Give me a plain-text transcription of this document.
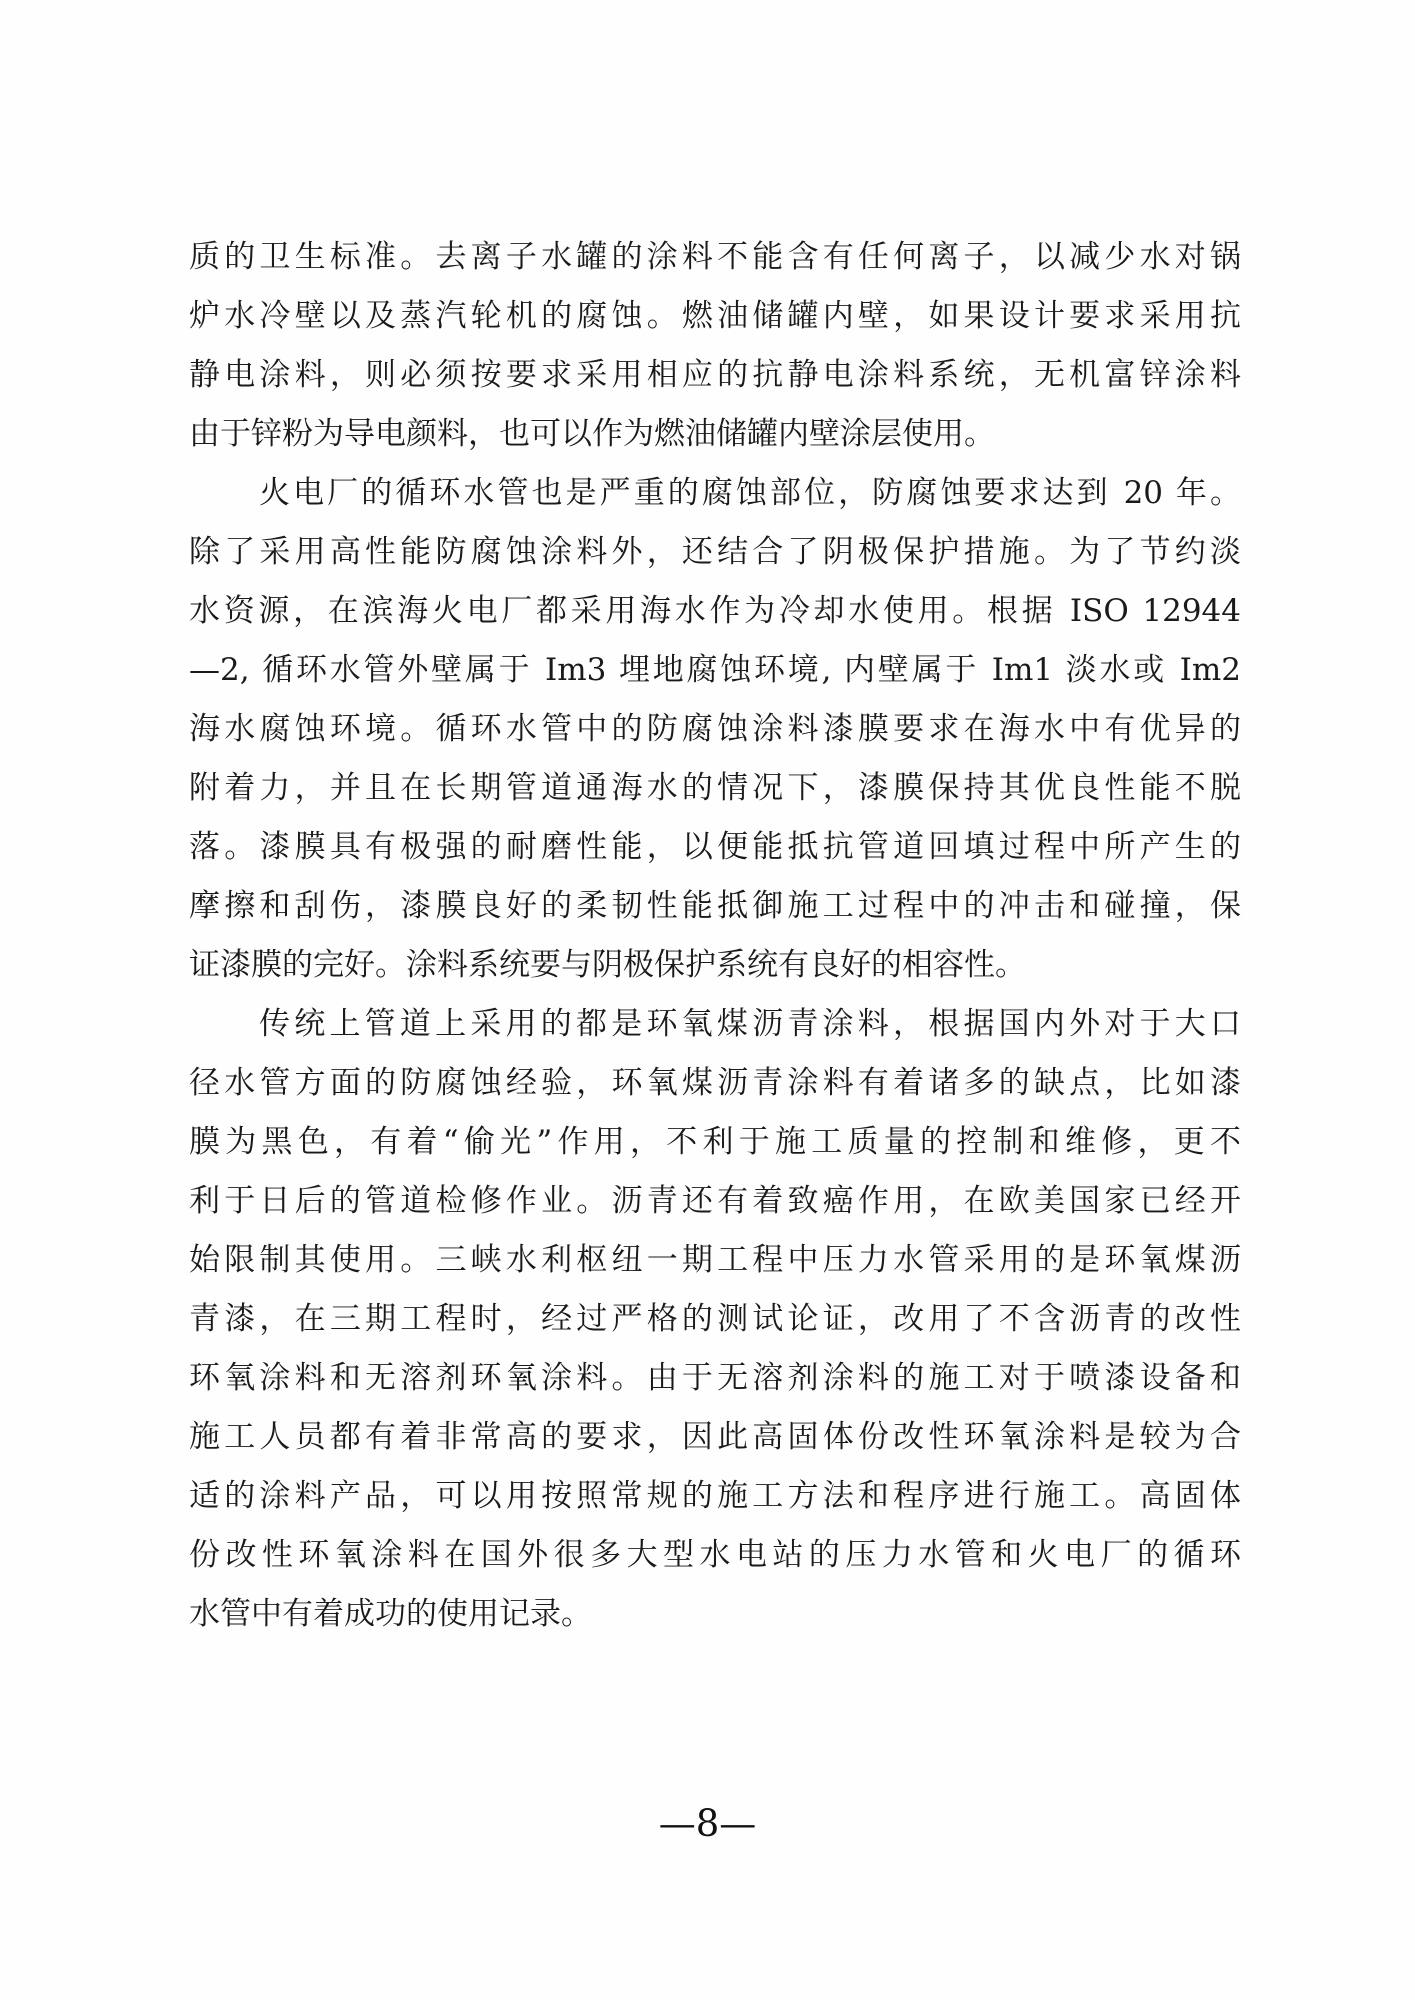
质的卫生标准。去离子水罐的涂料不能含有任何离子，以减少水对锅
炉水冷壁以及蒸汽轮机的腐蚀。燃油储罐内壁，如果设计要求采用抗
静电涂料，则必须按要求采用相应的抗静电涂料系统，无机富锌涂料
由于锌粉为导电颜料，也可以作为燃油储罐内壁涂层使用。
火电厂的循环水管也是严重的腐蚀部位，防腐蚀要求达到 20 年。
除了采用高性能防腐蚀涂料外，还结合了阴极保护措施。为了节约淡
水资源，在滨海火电厂都采用海水作为冷却水使用。根据 ISO 12944
—2, 循环水管外壁属于 Im3 埋地腐蚀环境, 内壁属于 Im1 淡水或 Im2
海水腐蚀环境。循环水管中的防腐蚀涂料漆膜要求在海水中有优异的
附着力，并且在长期管道通海水的情况下，漆膜保持其优良性能不脱
落。漆膜具有极强的耐磨性能，以便能抵抗管道回填过程中所产生的
摩擦和刮伤，漆膜良好的柔韧性能抵御施工过程中的冲击和碰撞，保
证漆膜的完好。涂料系统要与阴极保护系统有良好的相容性。
传统上管道上采用的都是环氧煤沥青涂料，根据国内外对于大口
径水管方面的防腐蚀经验，环氧煤沥青涂料有着诸多的缺点，比如漆
膜为黑色，有着“偷光”作用，不利于施工质量的控制和维修，更不
利于日后的管道检修作业。沥青还有着致癌作用，在欧美国家已经开
始限制其使用。三峡水利枢纽一期工程中压力水管采用的是环氧煤沥
青漆，在三期工程时，经过严格的测试论证，改用了不含沥青的改性
环氧涂料和无溶剂环氧涂料。由于无溶剂涂料的施工对于喷漆设备和
施工人员都有着非常高的要求，因此高固体份改性环氧涂料是较为合
适的涂料产品，可以用按照常规的施工方法和程序进行施工。高固体
份改性环氧涂料在国外很多大型水电站的压力水管和火电厂的循环
水管中有着成功的使用记录。
—8—
